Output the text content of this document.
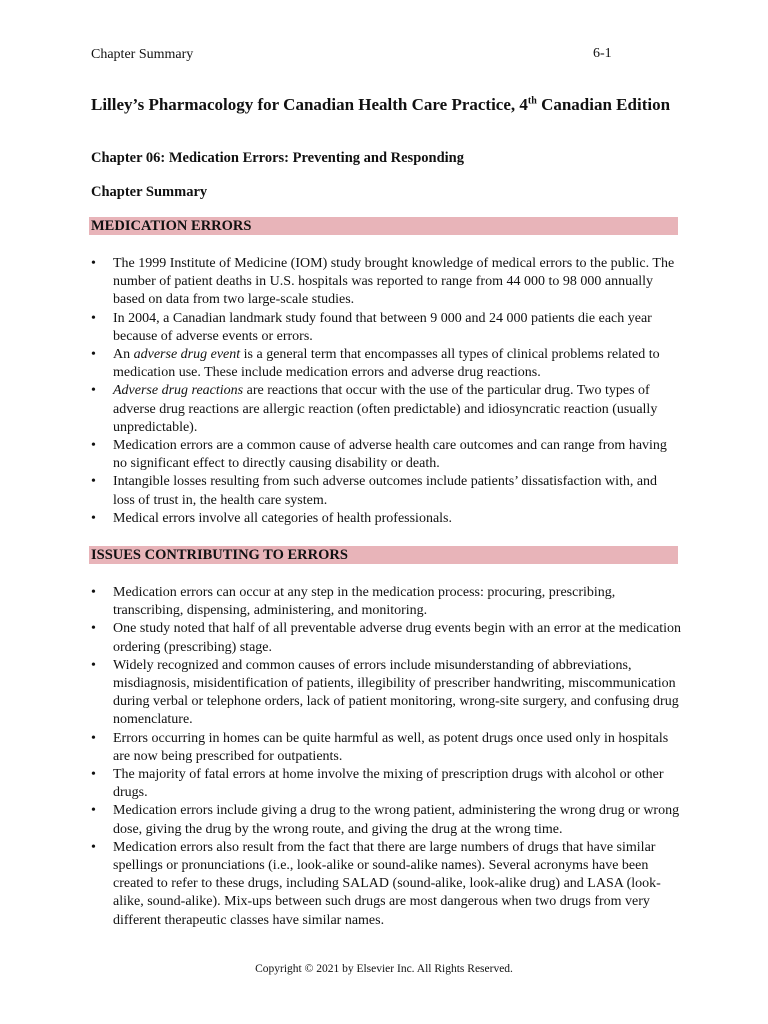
Chapter Summary	6-1
Lilley’s Pharmacology for Canadian Health Care Practice, 4th Canadian Edition
Chapter 06: Medication Errors: Preventing and Responding
Chapter Summary
MEDICATION ERRORS
• The 1999 Institute of Medicine (IOM) study brought knowledge of medical errors to the public. The number of patient deaths in U.S. hospitals was reported to range from 44 000 to 98 000 annually based on data from two large-scale studies.
• In 2004, a Canadian landmark study found that between 9 000 and 24 000 patients die each year because of adverse events or errors.
• An adverse drug event is a general term that encompasses all types of clinical problems related to medication use. These include medication errors and adverse drug reactions.
• Adverse drug reactions are reactions that occur with the use of the particular drug. Two types of adverse drug reactions are allergic reaction (often predictable) and idiosyncratic reaction (usually unpredictable).
• Medication errors are a common cause of adverse health care outcomes and can range from having no significant effect to directly causing disability or death.
• Intangible losses resulting from such adverse outcomes include patients’ dissatisfaction with, and loss of trust in, the health care system.
• Medical errors involve all categories of health professionals.
ISSUES CONTRIBUTING TO ERRORS
• Medication errors can occur at any step in the medication process: procuring, prescribing, transcribing, dispensing, administering, and monitoring.
• One study noted that half of all preventable adverse drug events begin with an error at the medication ordering (prescribing) stage.
• Widely recognized and common causes of errors include misunderstanding of abbreviations, misdiagnosis, misidentification of patients, illegibility of prescriber handwriting, miscommunication during verbal or telephone orders, lack of patient monitoring, wrong-site surgery, and confusing drug nomenclature.
• Errors occurring in homes can be quite harmful as well, as potent drugs once used only in hospitals are now being prescribed for outpatients.
• The majority of fatal errors at home involve the mixing of prescription drugs with alcohol or other drugs.
• Medication errors include giving a drug to the wrong patient, administering the wrong drug or wrong dose, giving the drug by the wrong route, and giving the drug at the wrong time.
• Medication errors also result from the fact that there are large numbers of drugs that have similar spellings or pronunciations (i.e., look-alike or sound-alike names). Several acronyms have been created to refer to these drugs, including SALAD (sound-alike, look-alike drug) and LASA (look-alike, sound-alike). Mix-ups between such drugs are most dangerous when two drugs from very different therapeutic classes have similar names.
Copyright © 2021 by Elsevier Inc. All Rights Reserved.
